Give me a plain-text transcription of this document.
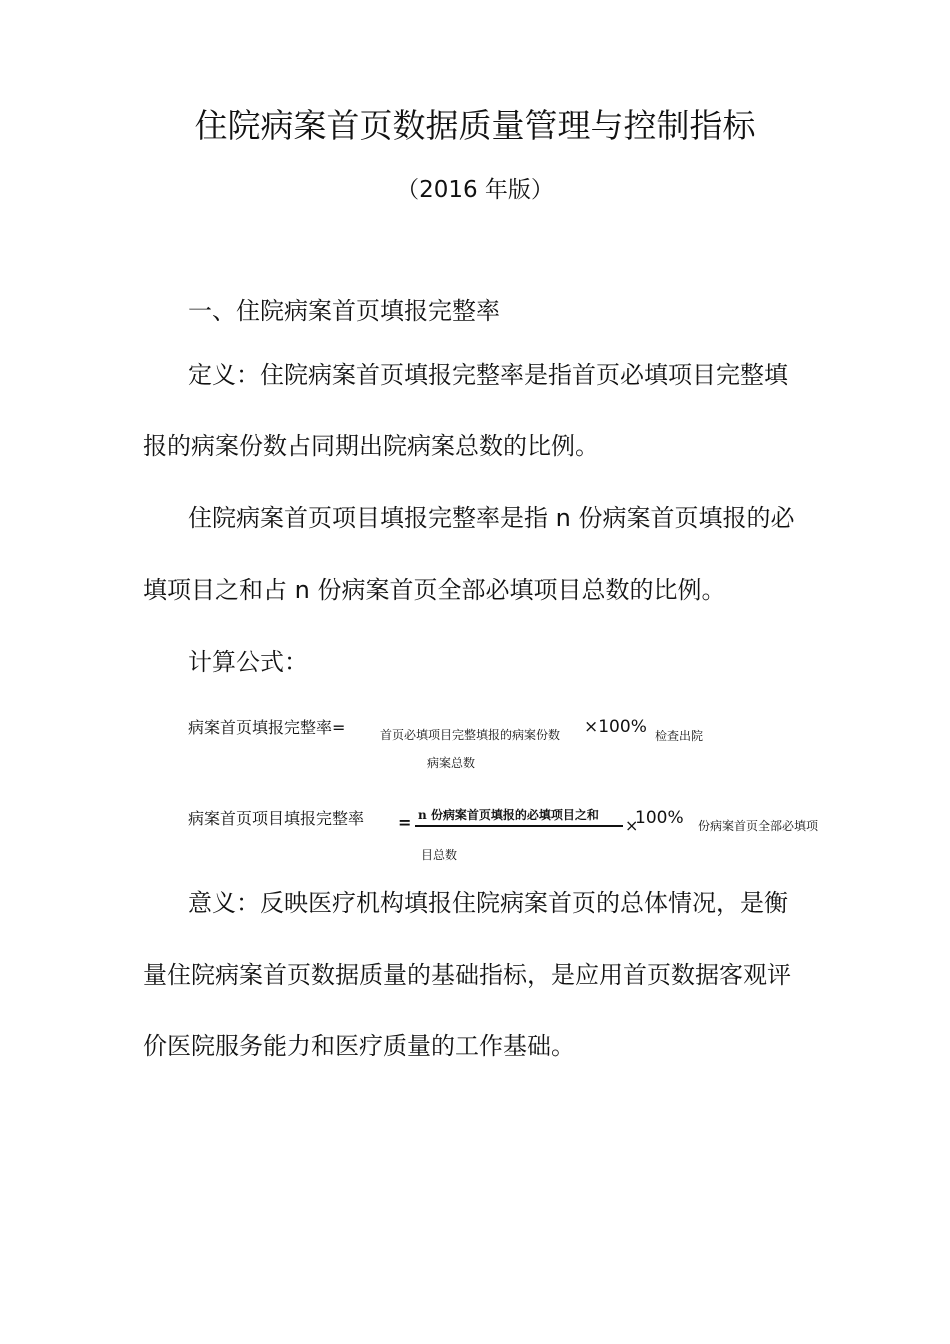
住院病案首页数据质量管理与控制指标
（2016 年版）
一、住院病案首页填报完整率
定义：住院病案首页填报完整率是指首页必填项目完整填
报的病案份数占同期出院病案总数的比例。
住院病案首页项目填报完整率是指 n 份病案首页填报的必
填项目之和占 n 份病案首页全部必填项目总数的比例。
计算公式：
病案首页填报完整率=	首页必填项目完整填报的病案份数 ×100% 检查出院
病案总数
病案首页项目填报完整率 = n 份病案首页填报的必填项目之和
×
100% 份病案首页全部必填项
目总数
意义：反映医疗机构填报住院病案首页的总体情况，是衡
量住院病案首页数据质量的基础指标，是应用首页数据客观评
价医院服务能力和医疗质量的工作基础。
